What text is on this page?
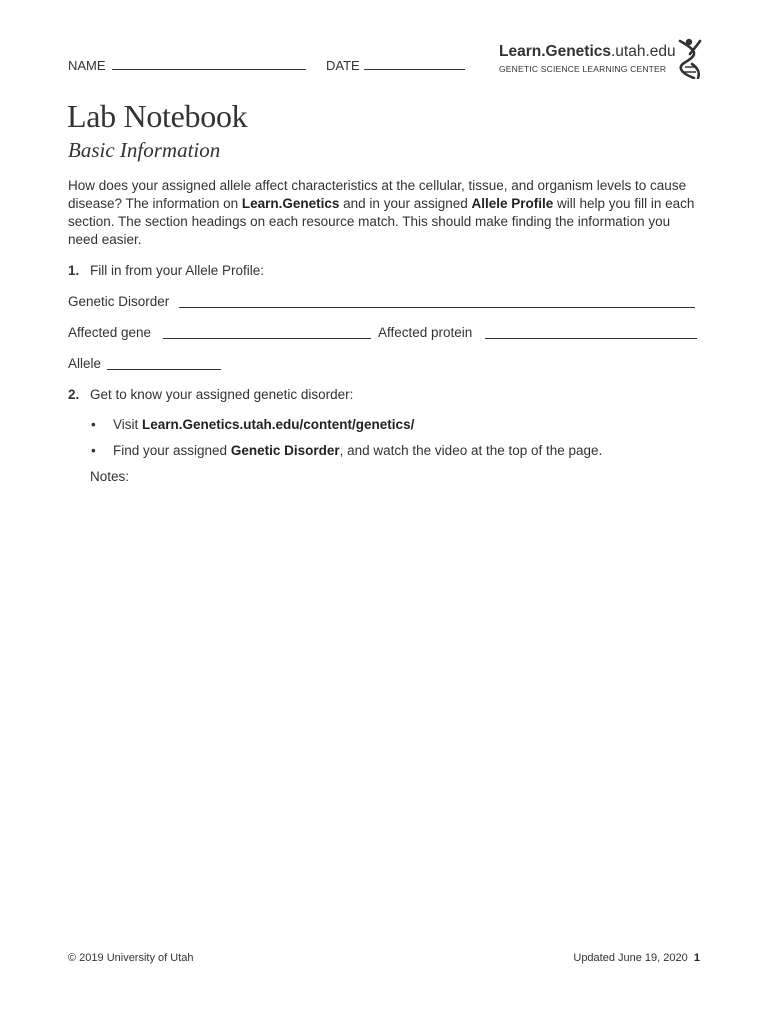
NAME	DATE
Learn.Genetics.utah.edu
GENETIC SCIENCE LEARNING CENTER
Lab Notebook
Basic Information
How does your assigned allele affect characteristics at the cellular, tissue, and organism levels to cause disease? The information on Learn.Genetics and in your assigned Allele Profile will help you fill in each section. The section headings on each resource match. This should make finding the information you need easier.
1. Fill in from your Allele Profile:
Genetic Disorder
Affected gene	Affected protein
Allele
2. Get to know your assigned genetic disorder:
• Visit Learn.Genetics.utah.edu/content/genetics/
• Find your assigned Genetic Disorder, and watch the video at the top of the page.
Notes:
© 2019 University of Utah	Updated June 19, 2020 1
